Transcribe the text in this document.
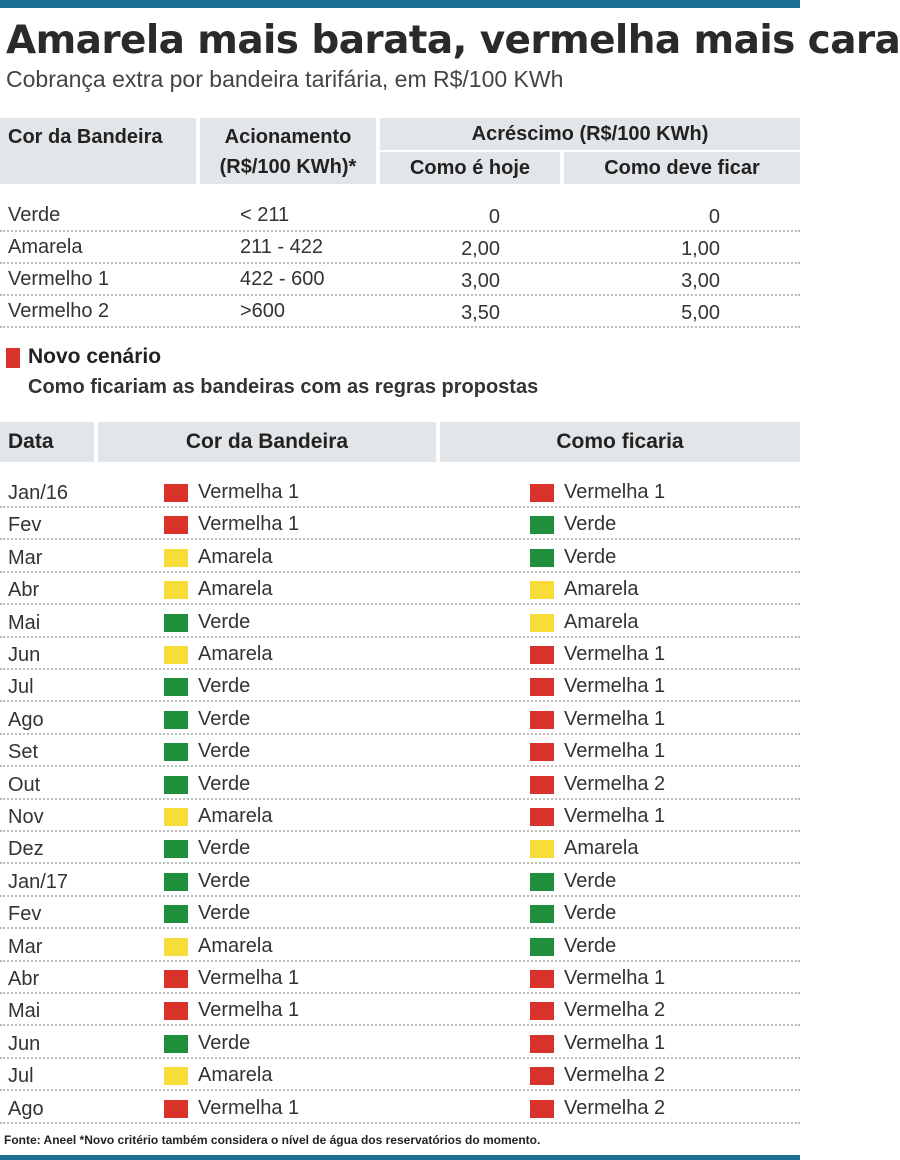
Amarela mais barata, vermelha mais cara
Cobrança extra por bandeira tarifária, em R$/100 KWh
Cor da Bandeira	Acionamento
(R$/100 KWh)*
Acréscimo (R$/100 KWh)
Como é hoje	Como deve ficar
Verde	< 211	0	0
Amarela	211 - 422	2,00	1,00
Vermelho 1	422 - 600	3,00	3,00
Vermelho 2	>600	3,50	5,00
Novo cenário
Como ficariam as bandeiras com as regras propostas
Data	Cor da Bandeira	Como ficaria
Jan/16	Vermelha 1	Vermelha 1
Fev	Vermelha 1	Verde
Mar	Amarela	Verde
Abr	Amarela	Amarela
Mai	Verde	Amarela
Jun	Amarela	Vermelha 1
Jul	Verde	Vermelha 1
Ago	Verde	Vermelha 1
Set	Verde	Vermelha 1
Out	Verde	Vermelha 2
Nov	Amarela	Vermelha 1
Dez	Verde	Amarela
Jan/17	Verde	Verde
Fev	Verde	Verde
Mar	Amarela	Verde
Abr	Vermelha 1	Vermelha 1
Mai	Vermelha 1	Vermelha 2
Jun	Verde	Vermelha 1
Jul	Amarela	Vermelha 2
Ago	Vermelha 1	Vermelha 2
Fonte: Aneel *Novo critério também considera o nível de água dos reservatórios do momento.
